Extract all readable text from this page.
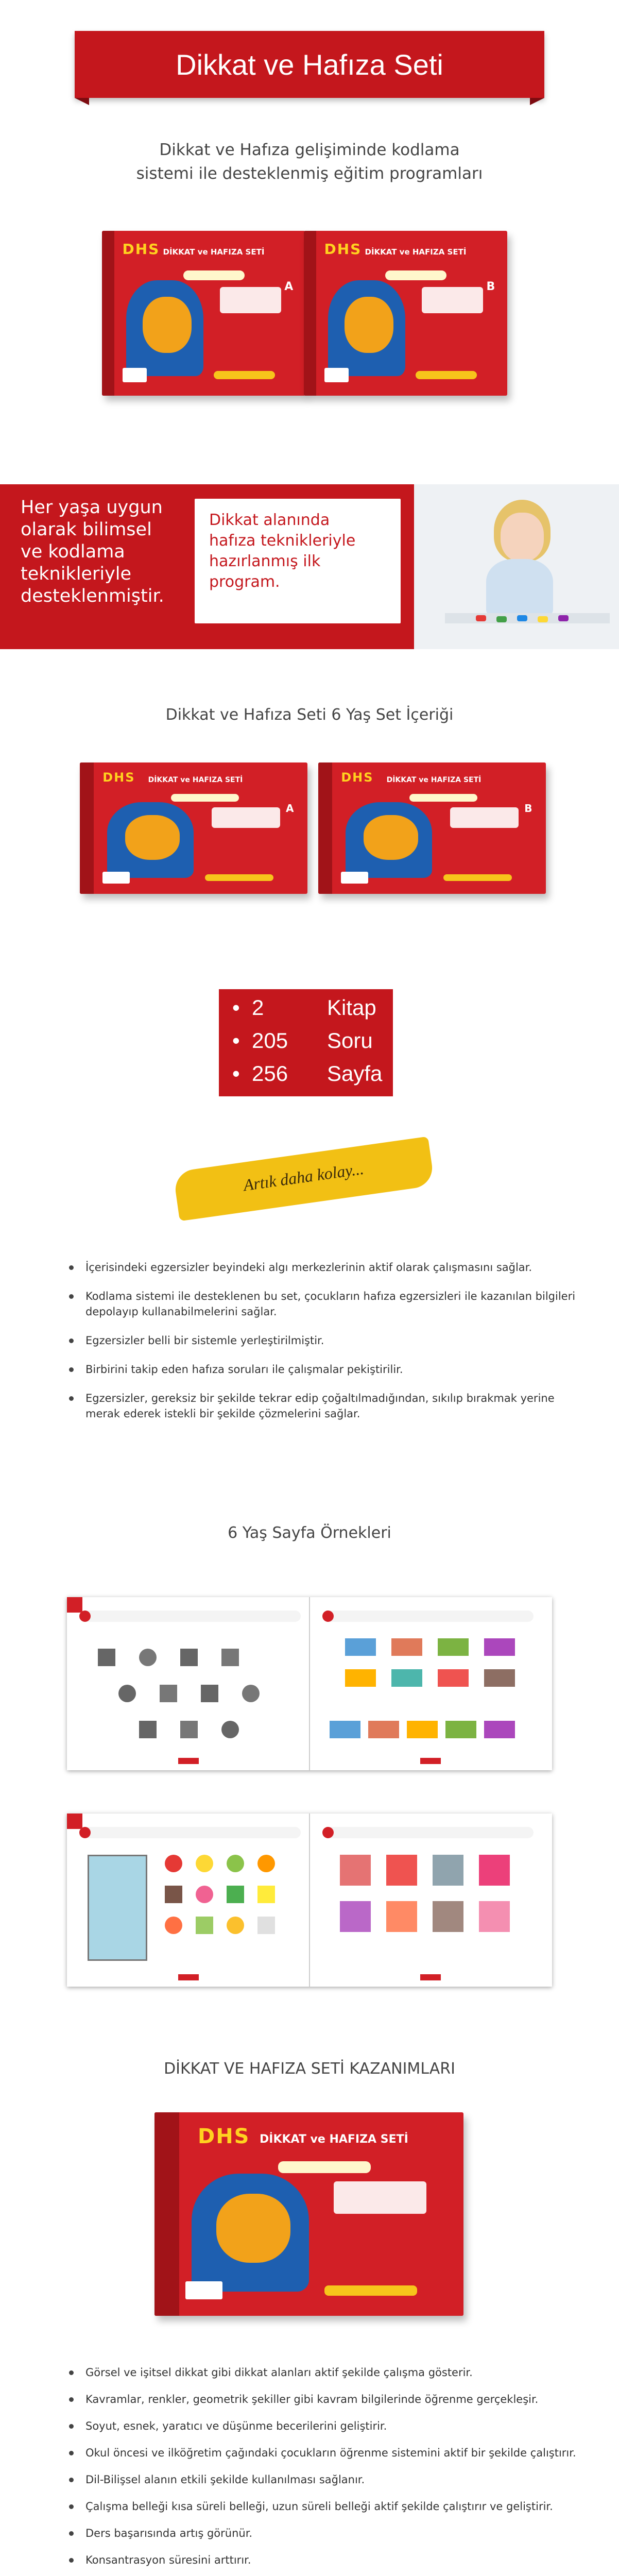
Dikkat ve Hafıza Seti
Dikkat ve Hafıza gelişiminde kodlama
sistemi ile desteklenmiş eğitim programları
DHS DİKKAT ve HAFIZA SETİ
A
DHS DİKKAT ve HAFIZA SETİ
B
Her yaşa uygun
olarak bilimsel
ve kodlama
teknikleriyle
desteklenmiştir.
Dikkat alanında
hafıza teknikleriyle
hazırlanmış ilk
program.
Dikkat ve Hafıza Seti 6 Yaş Set İçeriği
DHS DİKKAT ve HAFIZA SETİ
A
DHS DİKKAT ve HAFIZA SETİ
B
• 2	Kitap
• 205 Soru
• 256 Sayfa
Artık daha kolay...
İçerisindeki egzersizler beyindeki algı merkezlerinin aktif olarak çalışmasını sağlar.
Kodlama sistemi ile desteklenen bu set, çocukların hafıza egzersizleri ile kazanılan bilgileri depolayıp kullanabilmelerini sağlar.
Egzersizler belli bir sistemle yerleştirilmiştir.
Birbirini takip eden hafıza soruları ile çalışmalar pekiştirilir.
Egzersizler, gereksiz bir şekilde tekrar edip çoğaltılmadığından, sıkılıp bırakmak yerine merak ederek istekli bir şekilde çözmelerini sağlar.
6 Yaş Sayfa Örnekleri
DİKKAT VE HAFIZA SETİ KAZANIMLARI
DHS DİKKAT ve HAFIZA SETİ
Görsel ve işitsel dikkat gibi dikkat alanları aktif şekilde çalışma gösterir.
Kavramlar, renkler, geometrik şekiller gibi kavram bilgilerinde öğrenme gerçekleşir.
Soyut, esnek, yaratıcı ve düşünme becerilerini geliştirir.
Okul öncesi ve ilköğretim çağındaki çocukların öğrenme sistemini aktif bir şekilde çalıştırır.
Dil-Bilişsel alanın etkili şekilde kullanılması sağlanır.
Çalışma belleği kısa süreli belleği, uzun süreli belleği aktif şekilde çalıştırır ve geliştirir.
Ders başarısında artış görünür.
Konsantrasyon süresini arttırır.
